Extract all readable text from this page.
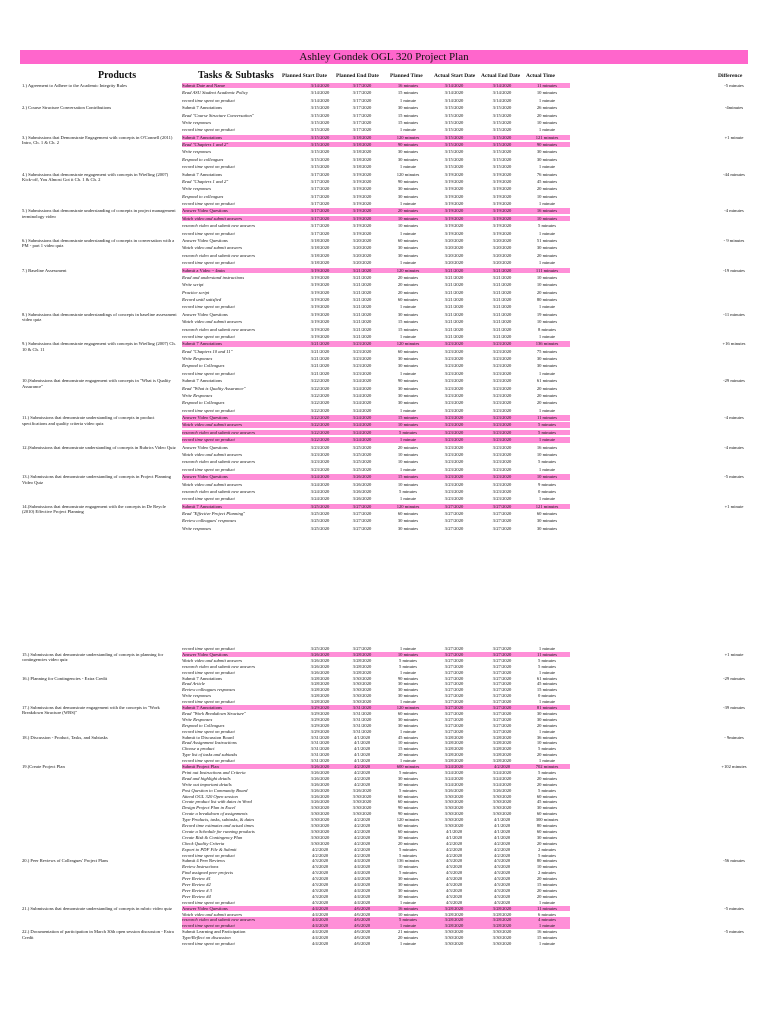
Ashley Gondek OGL 320 Project Plan
Products	Tasks & Subtasks Planned Start Date Planned End Date Planned Time Actual Start Date Actual End Date Actual Time	Difference
1.) Agreement to Adhere to the Academic Integrity Rules	Submit Date and Name	3/14/2020	3/17/2020	16 minutes	3/14/2020	3/14/2020	11 minutes	-5 minutes
Read ASU Student Academic Policy	3/14/2020	3/17/2020	15 minutes	3/14/2020	3/14/2020	10 minutes
record time spent on product	3/14/2020	3/17/2020	1 minute	3/14/2020	3/14/2020	1 minute
2.) Course Structure Conversation Contributions	Submit 7 Annotations	3/15/2020	3/17/2020	30 minutes	3/15/2020	3/15/2020	26 minutes	-4minutes
Read "Course Structure Conversation"	3/15/2020	3/17/2020	15 minutes	3/15/2020	3/15/2020	20 minutes
Write responses	3/15/2020	3/17/2020	15 minutes	3/15/2020	3/15/2020	10 minutes
record time spent on product	3/15/2020	3/17/2020	1 minute	3/15/2020	3/15/2020	1 minute
3.) Submissions that Demonstrate Engagement with concepts in O'Connell (2011) Intro, Ch. 1 & Ch. 2
Submit 7 Annotations	3/15/2020	3/18/2020	120 minutes	3/15/2020	3/15/2020	121 minutes	+1 minute
Read "Chapters 1 and 2"	3/15/2020	3/18/2020	90 minutes	3/15/2020	3/15/2020	90 minutes
Write responses	3/15/2020	3/18/2020	30 minutes	3/15/2020	3/15/2020	30 minutes
Respond to colleagues	3/15/2020	3/18/2020	30 minutes	3/15/2020	3/15/2020	30 minutes
record time spent on product	3/15/2020	3/18/2020	1 minute	3/15/2020	3/15/2020	1 minute
4.) Submissions that demonstrate engagement with concepts in Wiefling (2007) Kick-off, You Almost Got it Ch. 1 & Ch. 2
Submit 7 Annotations	3/17/2020	3/19/2020	120 minutes	3/19/2020	3/19/2020	76 minutes	-44 minutes
Read "Chapters 1 and 2"	3/17/2020	3/19/2020	90 minutes	3/19/2020	3/19/2020	45 minutes
Write responses	3/17/2020	3/19/2020	30 minutes	3/19/2020	3/19/2020	20 minutes
Respond to colleagues	3/17/2020	3/19/2020	30 minutes	3/19/2020	3/19/2020	10 minutes
record time spent on product	3/17/2020	3/19/2020	1 minute	3/19/2020	3/19/2020	1 minute
5.) Submissions that demonstrate understanding of concepts in project management terminology video
Answer Video Questions	3/17/2020	3/19/2020	20 minutes	3/19/2020	3/19/2020	16 minutes	-4 minutes
Watch video and submit answers	3/17/2020	3/19/2020	10 minutes	3/19/2020	3/19/2020	10 minutes
research video and submit new answers	3/17/2020	3/19/2020	10 minutes	3/19/2020	3/19/2020	5 minutes
record time spent on product	3/17/2020	3/19/2020	1 minute	3/19/2020	3/19/2020	1 minute
6.) Submissions that demonstrate understanding of concepts in conversation with a PM - part 1 video quiz
Answer Video Questions	3/18/2020	3/20/2020	60 minutes	3/20/2020	3/20/2020	51 minutes	- 9 minutes
Watch video and submit answers	3/18/2020	3/20/2020	30 minutes	3/20/2020	3/20/2020	30 minutes
research video and submit new answers	3/18/2020	3/20/2020	30 minutes	3/20/2020	3/20/2020	20 minutes
record time spent on product	3/18/2020	3/20/2020	1 minute	3/20/2020	3/20/2020	1 minute
7.) Baseline Assessment	Submit a Video ~ 4min	3/19/2020	3/21/2020	120 minutes	3/21/2020	3/21/2020	111 minutes	-19 minutes
Read and understand instructions	3/19/2020	3/21/2020	20 minutes	3/21/2020	3/21/2020	10 minutes
Write script	3/19/2020	3/21/2020	20 minutes	3/21/2020	3/21/2020	10 minutes
Practice script	3/19/2020	3/21/2020	20 minutes	3/21/2020	3/21/2020	20 minutes
Record until satisfied	3/19/2020	3/21/2020	60 minutes	3/21/2020	3/21/2020	80 minutes
record time spent on product	3/19/2020	3/21/2020	1 minute	3/21/2020	3/21/2020	1 minute
8.) Submissions that demonstrate understandings of concepts in baseline assessment video quiz
Answer Video Questions	3/19/2020	3/21/2020	30 minutes	3/21/2020	3/21/2020	19 minutes	-11 minutes
Watch video and submit answers	3/19/2020	3/21/2020	15 minutes	3/21/2020	3/21/2020	10 minutes
research video and submit new answers	3/19/2020	3/21/2020	15 minutes	3/21/2020	3/21/2020	8 minutes
record time spent on product	3/19/2020	3/21/2020	1 minute	3/21/2020	3/21/2020	1 minute
9.) Submissions that demonstrate engagement with concepts in Wiefling (2007) Ch. 10 & Ch. 11
Submit 7 Annotations	3/21/2020	3/23/2020	120 minutes	3/23/2020	3/23/2020	136 minutes	+16 minutes
Read "Chapters 10 and 11"	3/21/2020	3/23/2020	60 minutes	3/23/2020	3/23/2020	75 minutes
Write Responses	3/21/2020	3/23/2020	30 minutes	3/23/2020	3/23/2020	30 minutes
Respond to Colleagues	3/21/2020	3/23/2020	30 minutes	3/23/2020	3/23/2020	30 minutes
record time spent on product	3/21/2020	3/23/2020	1 minute	3/23/2020	3/23/2020	1 minute
10.)Submissions that demonstrate engagement with concepts in "What is Quality Assurance"
Submit 7 Annotations	3/22/2020	3/24/2020	90 minutes	3/23/2020	3/23/2020	61 minutes	-29 minutes
Read "What is Quality Assurance"	3/22/2020	3/24/2020	30 minutes	3/23/2020	3/23/2020	20 minutes
Write Responses	3/22/2020	3/24/2020	30 minutes	3/23/2020	3/23/2020	20 minutes
Respond to Colleagues	3/22/2020	3/24/2020	30 minutes	3/23/2020	3/23/2020	20 minutes
record time spent on product	3/22/2020	3/24/2020	1 minute	3/23/2020	3/23/2020	1 minute
11.) Submissions that demonstrate understanding of concepts in product specifications and quality criteria video quiz
Answer Video Questions	3/22/2020	3/24/2020	15 minutes	3/23/2020	3/23/2020	11 minutes	-4 minutes
Watch video and submit answers	3/22/2020	3/24/2020	10 minutes	3/23/2020	3/23/2020	5 minutes
research video and submit new answers	3/22/2020	3/24/2020	5 minutes	3/23/2020	3/23/2020	5 minutes
record time spent on product	3/22/2020	3/24/2020	1 minute	3/23/2020	3/23/2020	1 minute
12.)Submissions that demonstrate understanding of concepts in Rubrics Video Quiz	Answer Video Questions	3/23/2020	3/25/2020	20 minutes	3/23/2020	3/23/2020	16 minutes	-4 minutes
Watch video and submit answers	3/23/2020	3/25/2020	10 minutes	3/23/2020	3/23/2020	10 minutes
research video and submit new answers	3/23/2020	3/25/2020	10 minutes	3/23/2020	3/23/2020	5 minutes
record time spent on product	3/23/2020	3/25/2020	1 minute	3/23/2020	3/23/2020	1 minute
13.) Submissions that demonstrate understanding of concepts in Project Planning Video Quiz
Answer Video Questions	3/24/2020	3/26/2020	15 minutes	3/23/2020	3/23/2020	10 minutes	-5 minutes
Watch video and submit answers	3/24/2020	3/26/2020	10 minutes	3/23/2020	3/23/2020	9 minutes
research video and submit new answers	3/24/2020	3/26/2020	5 minutes	3/23/2020	3/23/2020	0 minutes
record time spent on product	3/24/2020	3/26/2020	1 minute	3/23/2020	3/23/2020	1 minute
14.)Submissions that demonstrate engagement with the concepts in De Reycle (2010) Effective Project Planning
Submit 7 Annotations	3/25/2020	3/27/2020	120 minutes	3/27/2020	3/27/2020	121 minutes	+1 minute
Read "Effective Project Planning"	3/25/2020	3/27/2020	60 minutes	3/27/2020	3/27/2020	60 minutes
Review colleagues' responses	3/25/2020	3/27/2020	30 minutes	3/27/2020	3/27/2020	30 minutes
Write responses	3/25/2020	3/27/2020	30 minutes	3/27/2020	3/27/2020	30 minutes
record time spent on product	3/25/2020	3/27/2020	1 minute	3/27/2020	3/27/2020	1 minute
15.) Submissions that demonstrate understanding of concepts in planning for contingencies video quiz
Answer Video Questions	3/26/2020	3/28/2020	10 minutes	3/27/2020	3/27/2020	11 minutes	+1 minute
Watch video and submit answers	3/26/2020	3/28/2020	5 minutes	3/27/2020	3/27/2020	5 minutes
research video and submit new answers	3/26/2020	3/28/2020	5 minutes	3/27/2020	3/27/2020	5 minutes
record time spent on product	3/26/2020	3/28/2020	1 minute	3/27/2020	3/27/2020	1 minute
16.) Planning for Contingencies - Extra Credit	Submit 7 Annotations	3/28/2020	3/30/2020	90 minutes	3/27/2020	3/27/2020	61 minutes	-29 minutes
Read Article	3/28/2020	3/30/2020	30 minutes	3/27/2020	3/27/2020	45 minutes
Review colleagues responses	3/28/2020	3/30/2020	30 minutes	3/27/2020	3/27/2020	15 minutes
Write responses	3/28/2020	3/30/2020	30 minutes	3/27/2020	3/27/2020	0 minutes
record time spent on product	3/28/2020	3/30/2020	1 minute	3/27/2020	3/27/2020	1 minute
17.) Submissions that demonstrate engagement with the concepts in "Work Breakdown Structure (WBS)"
Submit 7 Annotations	3/29/2020	3/31/2020	120 minutes	3/27/2020	3/27/2020	81 minutes	-39 minutes
Read "Work Breakdown Structure"	3/29/2020	3/31/2020	60 minutes	3/27/2020	3/27/2020	30 minutes
Write Responses	3/29/2020	3/31/2020	30 minutes	3/27/2020	3/27/2020	30 minutes
Respond to Colleagues	3/29/2020	3/31/2020	30 minutes	3/27/2020	3/27/2020	20 minutes
record time spent on product	3/29/2020	3/31/2020	1 minute	3/27/2020	3/27/2020	1 minute
18.) Discussion - Product, Tasks, and Subtasks	Submit to Discussion Board	3/31/2020	4/1/2020	45 minutes	3/28/2020	3/28/2020	36 minutes	- 9minutes
Read Assignment Instructions	3/31/2020	4/1/2020	10 minutes	3/28/2020	3/28/2020	10 minutes
Choose a product	3/31/2020	4/1/2020	15 minutes	3/28/2020	3/28/2020	5 minutes
Type list of tasks and subtasks	3/31/2020	4/1/2020	20 minutes	3/28/2020	3/28/2020	20 minutes
record time spent on product	3/31/2020	4/1/2020	1 minute	3/28/2020	3/28/2020	1 minute
19.)Create Project Plan	Submit Project Plan	3/26/2020	4/2/2020	600 minutes	3/24/2020	4/2/2020	702 minutes	+102 minutes
Print out Instructions and Criteria	3/26/2020	4/2/2020	5 minutes	3/24/2020	3/24/2020	5 minutes
Read and highlight details	3/26/2020	4/2/2020	30 minutes	3/24/2020	3/24/2020	20 minutes
Write out important details	3/26/2020	4/2/2020	30 minutes	3/24/2020	3/24/2020	20 minutes
Post Question to Community Board	3/26/2020	3/26/2020	5 minutes	3/26/2020	3/26/2020	5 minutes
Attend OGL 320 Open session	3/26/2020	3/30/2020	60 minutes	3/30/2020	3/30/2020	60 minutes
Create product list with dates in Word	3/26/2020	3/30/2020	60 minutes	3/30/2020	3/30/2020	45 minutes
Design Project Plan in Excel	3/30/2020	3/30/2020	90 minutes	3/30/2020	3/30/2020	30 minutes
Create a breakdown of assignments	3/30/2020	3/30/2020	90 minutes	3/30/2020	3/30/2020	60 minutes
Type Products, tasks, subtasks, & dates	3/30/2020	4/2/2020	120 minutes	3/30/2020	4/1/2020	300 minutes
Record time estimates and actual times	3/30/2020	4/2/2020	60 minutes	3/30/2020	4/1/2020	80 minutes
Create a Schedule for running products	3/30/2020	4/2/2020	60 minutes	4/1/2020	4/1/2020	60 minutes
Create Risk & Contingency Plan	3/30/2020	4/2/2020	30 minutes	4/1/2020	4/1/2020	30 minutes
Check Quality Criteria	3/30/2020	4/2/2020	20 minutes	4/2/2020	4/2/2020	20 minutes
Export to PDF File & Submit	4/2/2020	4/2/2020	5 minutes	4/2/2020	4/2/2020	2 minutes
record time spent on product	4/2/2020	4/2/2020	5 minutes	4/2/2020	4/2/2020	5 minutes
20.) Peer Reviews of Colleagues' Project Plans	Submit 4 Peer Reviews	4/3/2020	4/4/2020	136 minutes	4/3/2020	4/3/2020	80 minutes	-56 minutes
Review Instructions	4/3/2020	4/4/2020	10 minutes	4/3/2020	4/3/2020	10 minutes
Find assigned peer projects	4/3/2020	4/4/2020	5 minutes	4/3/2020	4/3/2020	2 minutes
Peer Review #1	4/3/2020	4/4/2020	30 minutes	4/3/2020	4/3/2020	20 minutes
Peer Review #2	4/3/2020	4/4/2020	30 minutes	4/3/2020	4/3/2020	15 minutes
Peer Review # 3	4/3/2020	4/4/2020	30 minutes	4/3/2020	4/3/2020	20 minutes
Peer Review #4	4/3/2020	4/4/2020	30 minutes	4/3/2020	4/3/2020	20 minutes
record time spent on product	4/3/2020	4/4/2020	1 minute	4/3/2020	4/3/2020	1 minute
21.) Submissions that demonstrate understanding of concepts in rubric video quiz	Answer Video Questions	4/4/2020	4/6/2020	16 minutes	3/28/2020	3/28/2020	11 minutes	-5 minutes
Watch video and submit answers	4/4/2020	4/6/2020	10 minutes	3/28/2020	3/28/2020	6 minutes
research video and submit new answers	4/4/2020	4/6/2020	5 minutes	3/28/2020	3/28/2020	4 minutes
record time spent on product	4/4/2020	4/6/2020	1 minute	3/28/2020	3/28/2020	1 minute
22.) Documentation of participation in March 30th open session discussion - Extra Credit
Submit Learning and Participation	4/4/2020	4/6/2020	21 minutes	3/30/2020	3/30/2020	16 minutes	-5 minutes
Type/Reflect on discussion	4/4/2020	4/6/2020	20 minutes	3/30/2020	3/30/2020	15 minutes
record time spent on product	4/4/2020	4/6/2020	1 minute	3/30/2020	3/30/2020	1 minute
